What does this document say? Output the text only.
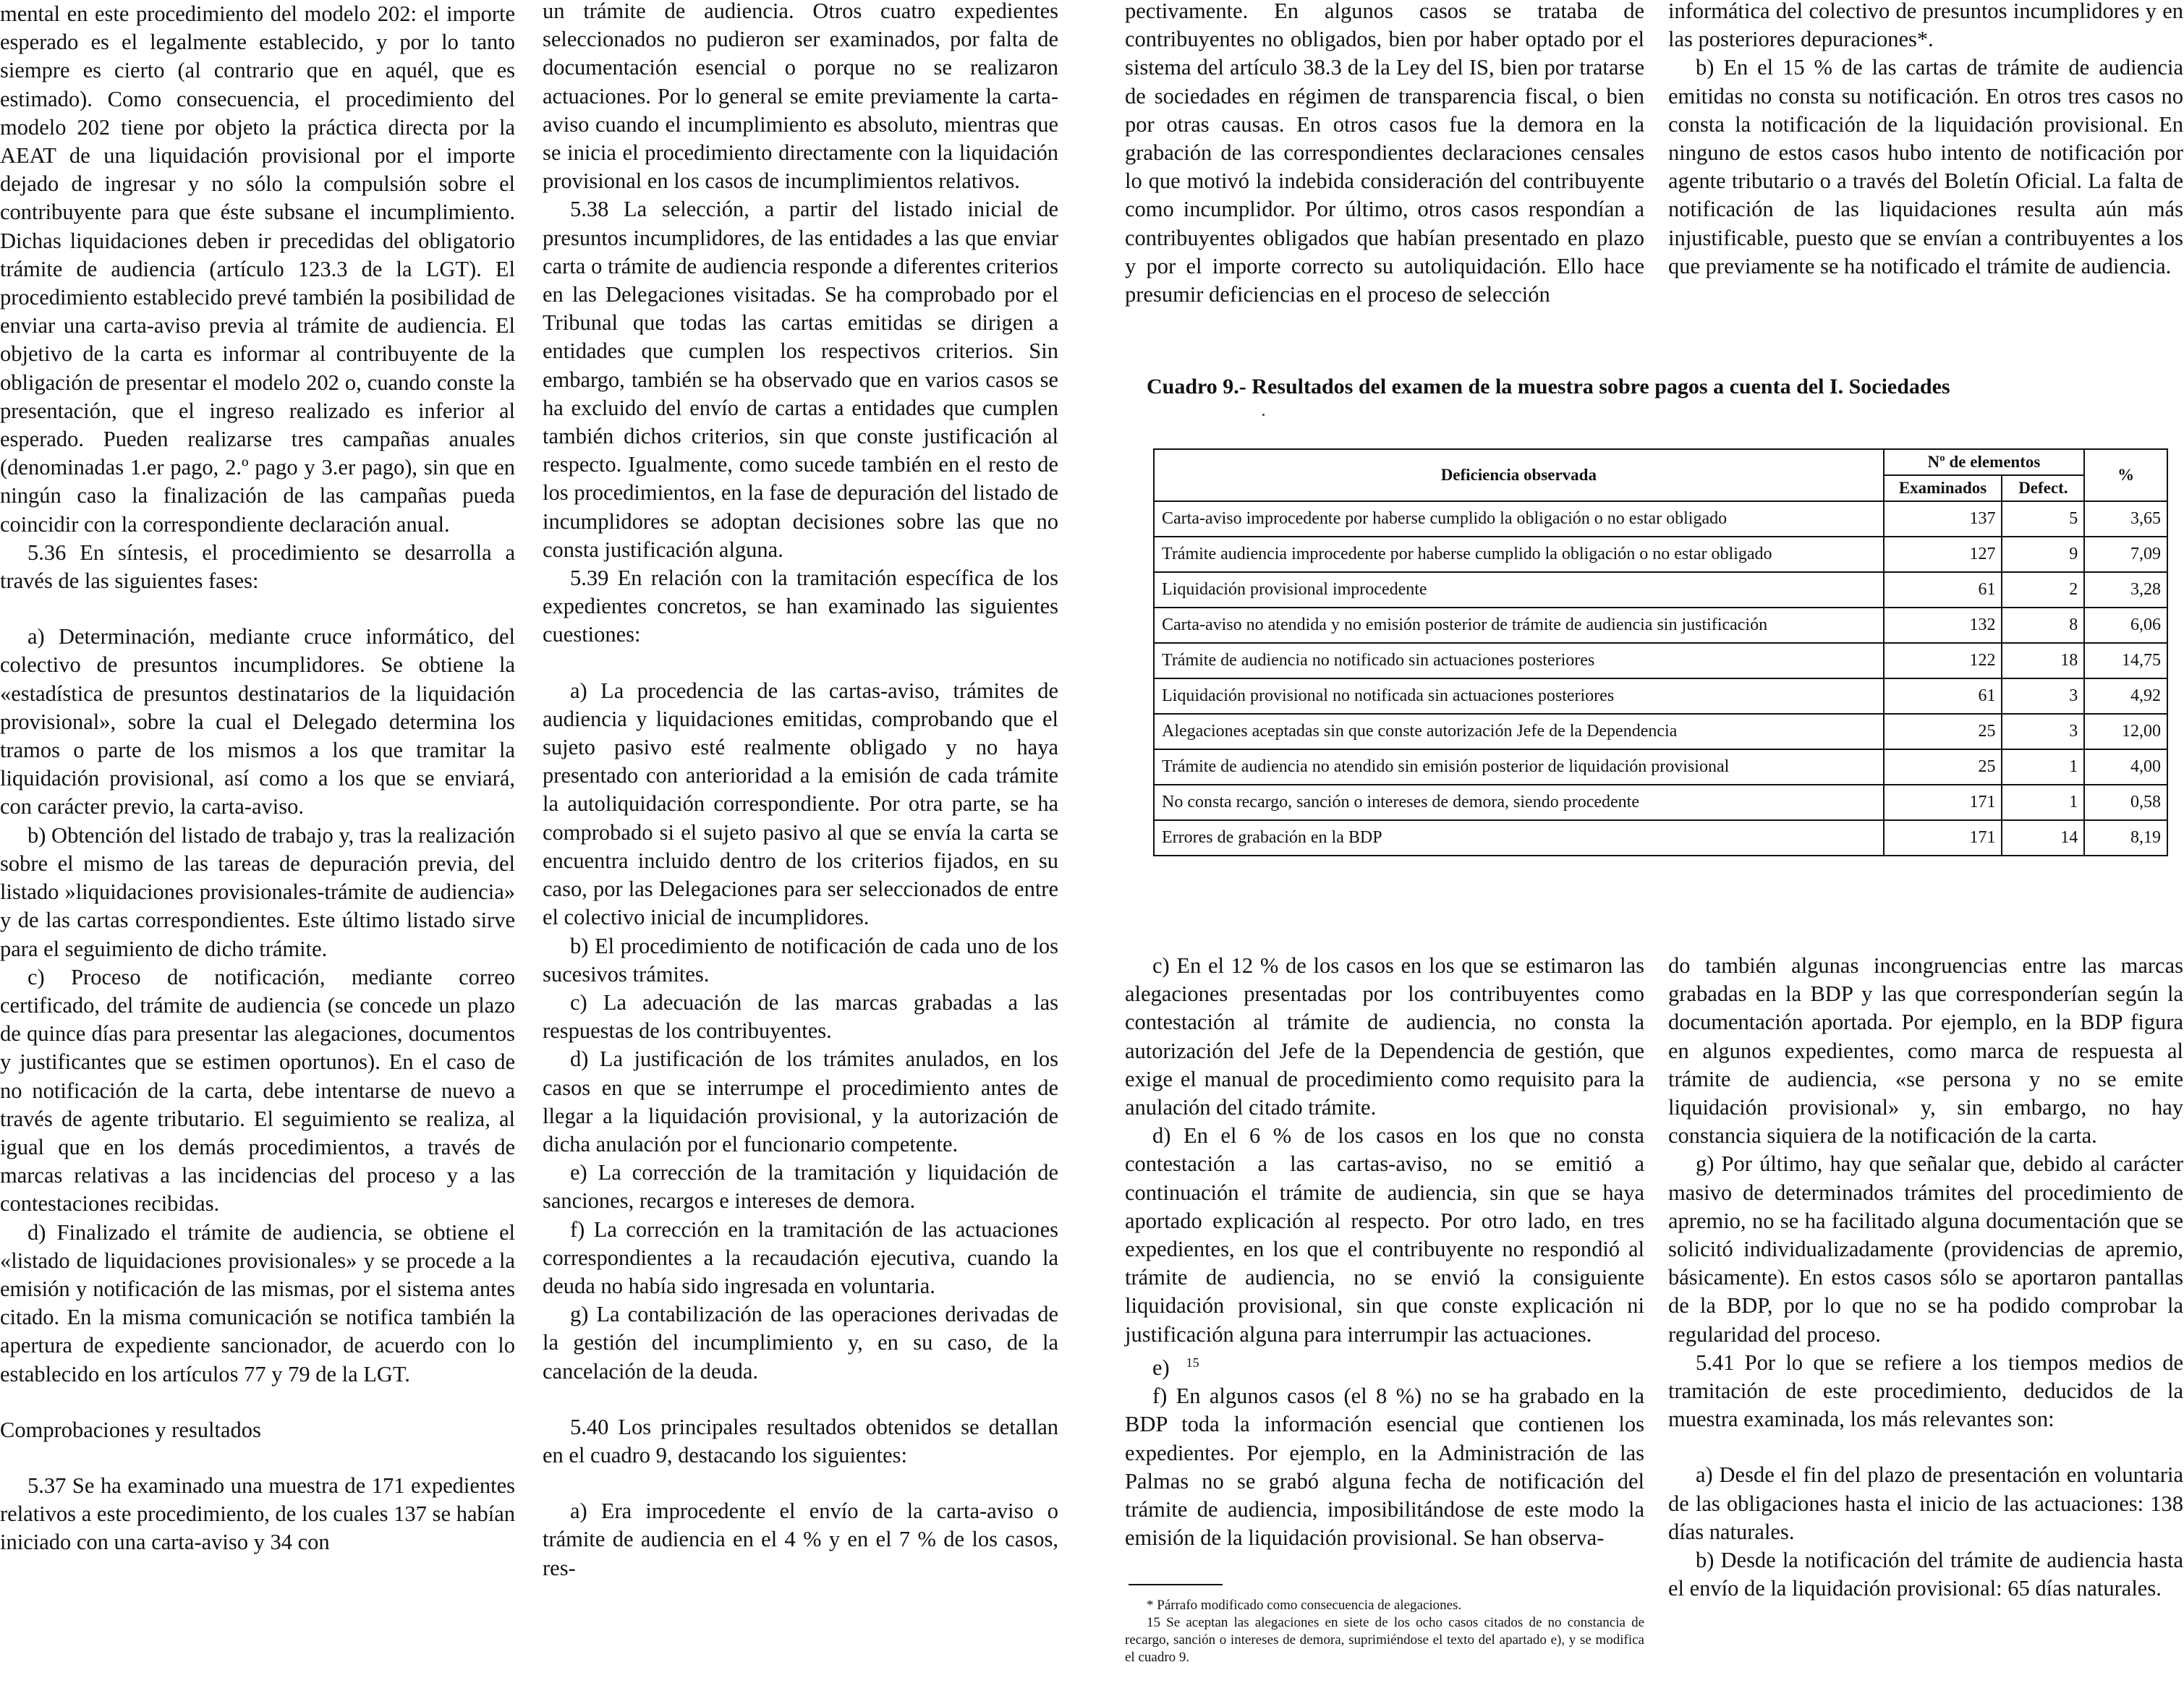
mental en este procedimiento del modelo 202: el importe esperado es el legalmente establecido, y por lo tanto siempre es cierto (al contrario que en aquél, que es estimado). Como consecuencia, el procedimiento del modelo 202 tiene por objeto la práctica directa por la AEAT de una liquidación provisional por el importe dejado de ingresar y no sólo la compulsión sobre el contribuyente para que éste subsane el incumplimiento. Dichas liquidaciones deben ir precedidas del obligatorio trámite de audiencia (artículo 123.3 de la LGT). El procedimiento establecido prevé también la posibilidad de enviar una carta-aviso previa al trámite de audiencia. El objetivo de la carta es informar al contribuyente de la obligación de presentar el modelo 202 o, cuando conste la presentación, que el ingreso realizado es inferior al esperado. Pueden realizarse tres campañas anuales (denominadas 1.er pago, 2.º pago y 3.er pago), sin que en ningún caso la finalización de las campañas pueda coincidir con la correspondiente declaración anual.

5.36 En síntesis, el procedimiento se desarrolla a través de las siguientes fases:

a) Determinación, mediante cruce informático, del colectivo de presuntos incumplidores. Se obtiene la «estadística de presuntos destinatarios de la liquidación provisional», sobre la cual el Delegado determina los tramos o parte de los mismos a los que tramitar la liquidación provisional, así como a los que se enviará, con carácter previo, la carta-aviso.

b) Obtención del listado de trabajo y, tras la realización sobre el mismo de las tareas de depuración previa, del listado »liquidaciones provisionales-trámite de audiencia» y de las cartas correspondientes. Este último listado sirve para el seguimiento de dicho trámite.

c) Proceso de notificación, mediante correo certificado, del trámite de audiencia (se concede un plazo de quince días para presentar las alegaciones, documentos y justificantes que se estimen oportunos). En el caso de no notificación de la carta, debe intentarse de nuevo a través de agente tributario. El seguimiento se realiza, al igual que en los demás procedimientos, a través de marcas relativas a las incidencias del proceso y a las contestaciones recibidas.

d) Finalizado el trámite de audiencia, se obtiene el «listado de liquidaciones provisionales» y se procede a la emisión y notificación de las mismas, por el sistema antes citado. En la misma comunicación se notifica también la apertura de expediente sancionador, de acuerdo con lo establecido en los artículos 77 y 79 de la LGT.

Comprobaciones y resultados

5.37 Se ha examinado una muestra de 171 expedientes relativos a este procedimiento, de los cuales 137 se habían iniciado con una carta-aviso y 34 con

un trámite de audiencia. Otros cuatro expedientes seleccionados no pudieron ser examinados, por falta de documentación esencial o porque no se realizaron actuaciones. Por lo general se emite previamente la carta-aviso cuando el incumplimiento es absoluto, mientras que se inicia el procedimiento directamente con la liquidación provisional en los casos de incumplimientos relativos.

5.38 La selección, a partir del listado inicial de presuntos incumplidores, de las entidades a las que enviar carta o trámite de audiencia responde a diferentes criterios en las Delegaciones visitadas. Se ha comprobado por el Tribunal que todas las cartas emitidas se dirigen a entidades que cumplen los respectivos criterios. Sin embargo, también se ha observado que en varios casos se ha excluido del envío de cartas a entidades que cumplen también dichos criterios, sin que conste justificación al respecto. Igualmente, como sucede también en el resto de los procedimientos, en la fase de depuración del listado de incumplidores se adoptan decisiones sobre las que no consta justificación alguna.

5.39 En relación con la tramitación específica de los expedientes concretos, se han examinado las siguientes cuestiones:

a) La procedencia de las cartas-aviso, trámites de audiencia y liquidaciones emitidas, comprobando que el sujeto pasivo esté realmente obligado y no haya presentado con anterioridad a la emisión de cada trámite la autoliquidación correspondiente. Por otra parte, se ha comprobado si el sujeto pasivo al que se envía la carta se encuentra incluido dentro de los criterios fijados, en su caso, por las Delegaciones para ser seleccionados de entre el colectivo inicial de incumplidores.

b) El procedimiento de notificación de cada uno de los sucesivos trámites.

c) La adecuación de las marcas grabadas a las respuestas de los contribuyentes.

d) La justificación de los trámites anulados, en los casos en que se interrumpe el procedimiento antes de llegar a la liquidación provisional, y la autorización de dicha anulación por el funcionario competente.

e) La corrección de la tramitación y liquidación de sanciones, recargos e intereses de demora.

f) La corrección en la tramitación de las actuaciones correspondientes a la recaudación ejecutiva, cuando la deuda no había sido ingresada en voluntaria.

g) La contabilización de las operaciones derivadas de la gestión del incumplimiento y, en su caso, de la cancelación de la deuda.

5.40 Los principales resultados obtenidos se detallan en el cuadro 9, destacando los siguientes:

a) Era improcedente el envío de la carta-aviso o trámite de audiencia en el 4 % y en el 7 % de los casos, res-

pectivamente. En algunos casos se trataba de contribuyentes no obligados, bien por haber optado por el sistema del artículo 38.3 de la Ley del IS, bien por tratarse de sociedades en régimen de transparencia fiscal, o bien por otras causas. En otros casos fue la demora en la grabación de las correspondientes declaraciones censales lo que motivó la indebida consideración del contribuyente como incumplidor. Por último, otros casos respondían a contribuyentes obligados que habían presentado en plazo y por el importe correcto su autoliquidación. Ello hace presumir deficiencias en el proceso de selección

informática del colectivo de presuntos incumplidores y en las posteriores depuraciones*.

b) En el 15 % de las cartas de trámite de audiencia emitidas no consta su notificación. En otros tres casos no consta la notificación de la liquidación provisional. En ninguno de estos casos hubo intento de notificación por agente tributario o a través del Boletín Oficial. La falta de notificación de las liquidaciones resulta aún más injustificable, puesto que se envían a contribuyentes a los que previamente se ha notificado el trámite de audiencia.

Cuadro 9.- Resultados del examen de la muestra sobre pagos a cuenta del I. Sociedades
Deficiencia observada	Nº de elementos		%
	Examinados	Defect.	
Carta-aviso improcedente por haberse cumplido la obligación o no estar obligado	137	5	3,65
Trámite audiencia improcedente por haberse cumplido la obligación o no estar obligado	127	9	7,09
Liquidación provisional improcedente	61	2	3,28
Carta-aviso no atendida y no emisión posterior de trámite de audiencia sin justificación	132	8	6,06
Trámite de audiencia no notificado sin actuaciones posteriores	122	18	14,75
Liquidación provisional no notificada sin actuaciones posteriores	61	3	4,92
Alegaciones aceptadas sin que conste autorización Jefe de la Dependencia	25	3	12,00
Trámite de audiencia no atendido sin emisión posterior de liquidación provisional	25	1	4,00
No consta recargo, sanción o intereses de demora, siendo procedente	171	1	0,58
Errores de grabación en la BDP	171	14	8,19

c) En el 12 % de los casos en los que se estimaron las alegaciones presentadas por los contribuyentes como contestación al trámite de audiencia, no consta la autorización del Jefe de la Dependencia de gestión, que exige el manual de procedimiento como requisito para la anulación del citado trámite.

d) En el 6 % de los casos en los que no consta contestación a las cartas-aviso, no se emitió a continuación el trámite de audiencia, sin que se haya aportado explicación al respecto. Por otro lado, en tres expedientes, en los que el contribuyente no respondió al trámite de audiencia, no se envió la consiguiente liquidación provisional, sin que conste explicación ni justificación alguna para interrumpir las actuaciones.

e) $^{15}$

f) En algunos casos (el 8 %) no se ha grabado en la BDP toda la información esencial que contienen los expedientes. Por ejemplo, en la Administración de las Palmas no se grabó alguna fecha de notificación del trámite de audiencia, imposibilitándose de este modo la emisión de la liquidación provisional. Se han observa-

do también algunas incongruencias entre las marcas grabadas en la BDP y las que corresponderían según la documentación aportada. Por ejemplo, en la BDP figura en algunos expedientes, como marca de respuesta al trámite de audiencia, «se persona y no se emite liquidación provisional» y, sin embargo, no hay constancia siquiera de la notificación de la carta.

g) Por último, hay que señalar que, debido al carácter masivo de determinados trámites del procedimiento de apremio, no se ha facilitado alguna documentación que se solicitó individualizadamente (providencias de apremio, básicamente). En estos casos sólo se aportaron pantallas de la BDP, por lo que no se ha podido comprobar la regularidad del proceso.

5.41 Por lo que se refiere a los tiempos medios de tramitación de este procedimiento, deducidos de la muestra examinada, los más relevantes son:

a) Desde el fin del plazo de presentación en voluntaria de las obligaciones hasta el inicio de las actuaciones: 138 días naturales.

b) Desde la notificación del trámite de audiencia hasta el envío de la liquidación provisional: 65 días naturales.

* Párrafo modificado como consecuencia de alegaciones.

15 Se aceptan las alegaciones en siete de los ocho casos citados de no constancia de recargo, sanción o intereses de demora, suprimiéndose el texto del apartado e), y se modifica el cuadro 9.
